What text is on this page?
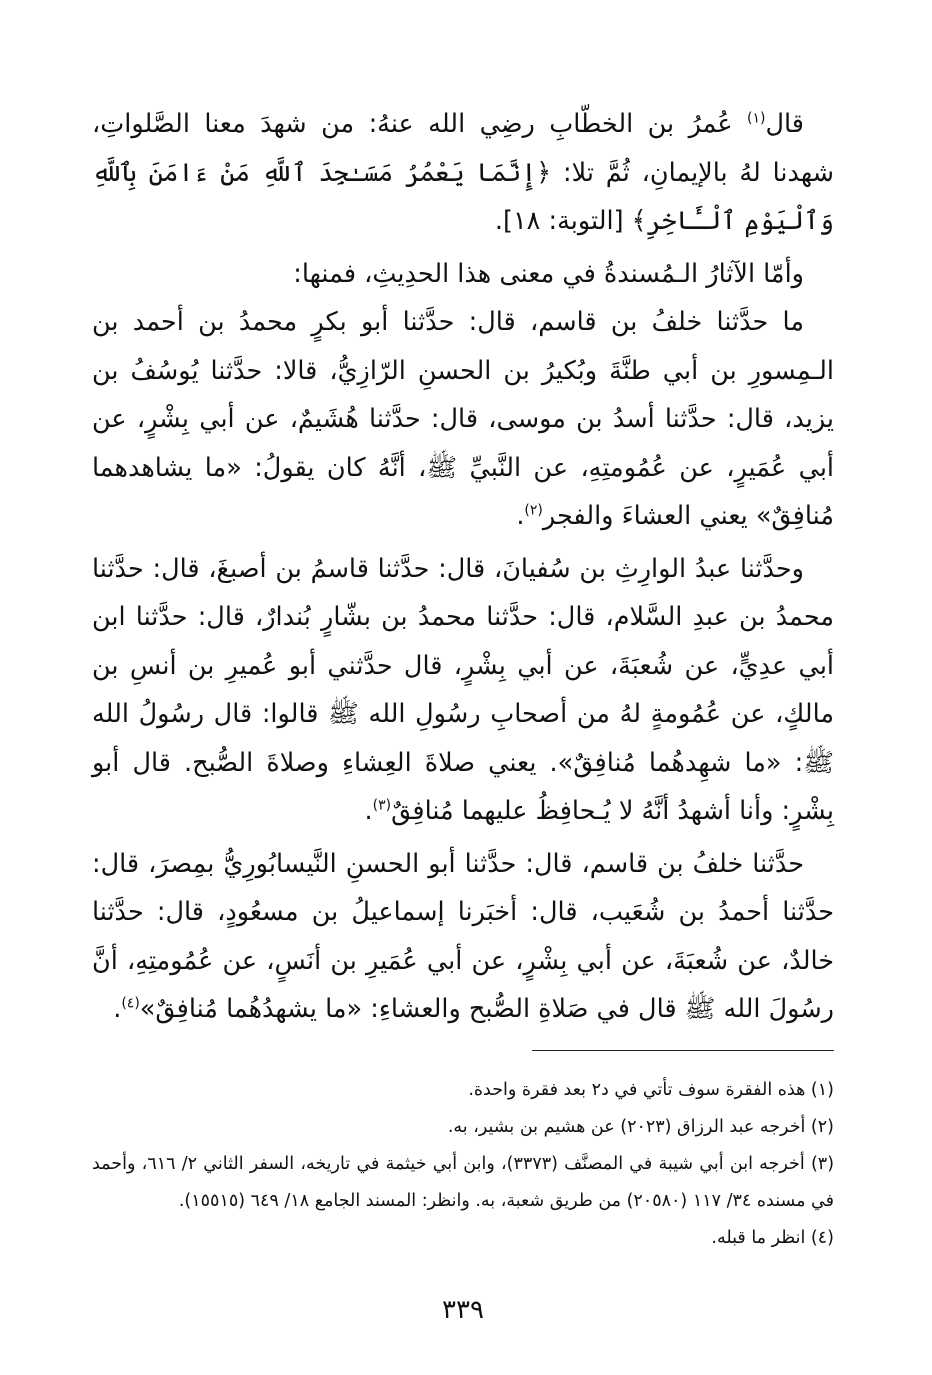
قال$^{(١)}$ عُمرُ بن الخطّابِ رضِي الله عنهُ: من شهدَ معنا الصَّلواتِ، شهدنا لهُ بالإيمانِ، ثُمَّ تلا: ﴿إِنَّمَا يَعْمُرُ مَسَـٰجِدَ ٱللَّهِ مَنْ ءَامَنَ بِٱللَّهِ وَٱلْيَوْمِ ٱلْـَٔاخِرِ﴾ [التوبة: ١٨].

وأمّا الآثارُ الـمُسندةُ في معنى هذا الحدِيثِ، فمنها:

ما حدَّثنا خلفُ بن قاسم، قال: حدَّثنا أبو بكرٍ محمدُ بن أحمد بن الـمِسورِ بن أبي طنَّةَ وبُكيرُ بن الحسنِ الرّازِيُّ، قالا: حدَّثنا يُوسُفُ بن يزيد، قال: حدَّثنا أسدُ بن موسى، قال: حدَّثنا هُشَيمٌ، عن أبي بِشْرٍ، عن أبي عُمَيرٍ، عن عُمُومتِهِ، عن النَّبيِّ ﷺ، أنَّهُ كان يقولُ: «ما يشاهدهما مُنافِقٌ» يعني العشاءَ والفجر$^{(٢)}$.

وحدَّثنا عبدُ الوارِثِ بن سُفيانَ، قال: حدَّثنا قاسمُ بن أصبغَ، قال: حدَّثنا محمدُ بن عبدِ السَّلام، قال: حدَّثنا محمدُ بن بشّارٍ بُندارٌ، قال: حدَّثنا ابن أبي عدِيٍّ، عن شُعبَةَ، عن أبي بِشْرٍ، قال حدَّثني أبو عُميرِ بن أنسِ بن مالكٍ، عن عُمُومةٍ لهُ من أصحابِ رسُولِ الله ﷺ قالوا: قال رسُولُ الله ﷺ: «ما شهِدهُما مُنافِقٌ». يعني صلاةَ العِشاءِ وصلاةَ الصُّبح. قال أبو بِشْرٍ: وأنا أشهدُ أنَّهُ لا يُـحافِظُ عليهما مُنافِقٌ$^{(٣)}$.

حدَّثنا خلفُ بن قاسم، قال: حدَّثنا أبو الحسنِ النَّيسابُورِيُّ بمِصرَ، قال: حدَّثنا أحمدُ بن شُعَيب، قال: أخبَرنا إسماعيلُ بن مسعُودٍ، قال: حدَّثنا خالدٌ، عن شُعبَةَ، عن أبي بِشْرٍ، عن أبي عُمَيرِ بن أنَسٍ، عن عُمُومتِهِ، أنَّ رسُولَ الله ﷺ قال في صَلاةِ الصُّبح والعشاءِ: «ما يشهدُهُما مُنافِقٌ»$^{(٤)}$.

(١) هذه الفقرة سوف تأتي في د٢ بعد فقرة واحدة.

(٢) أخرجه عبد الرزاق (٢٠٢٣) عن هشيم بن بشير، به.

(٣) أخرجه ابن أبي شيبة في المصنَّف (٣٣٧٣)، وابن أبي خيثمة في تاريخه، السفر الثاني ٢/ ٦١٦، وأحمد في مسنده ٣٤/ ١١٧ (٢٠٥٨٠) من طريق شعبة، به. وانظر: المسند الجامع ١٨/ ٦٤٩ (١٥٥١٥).

(٤) انظر ما قبله.

٣٣٩
